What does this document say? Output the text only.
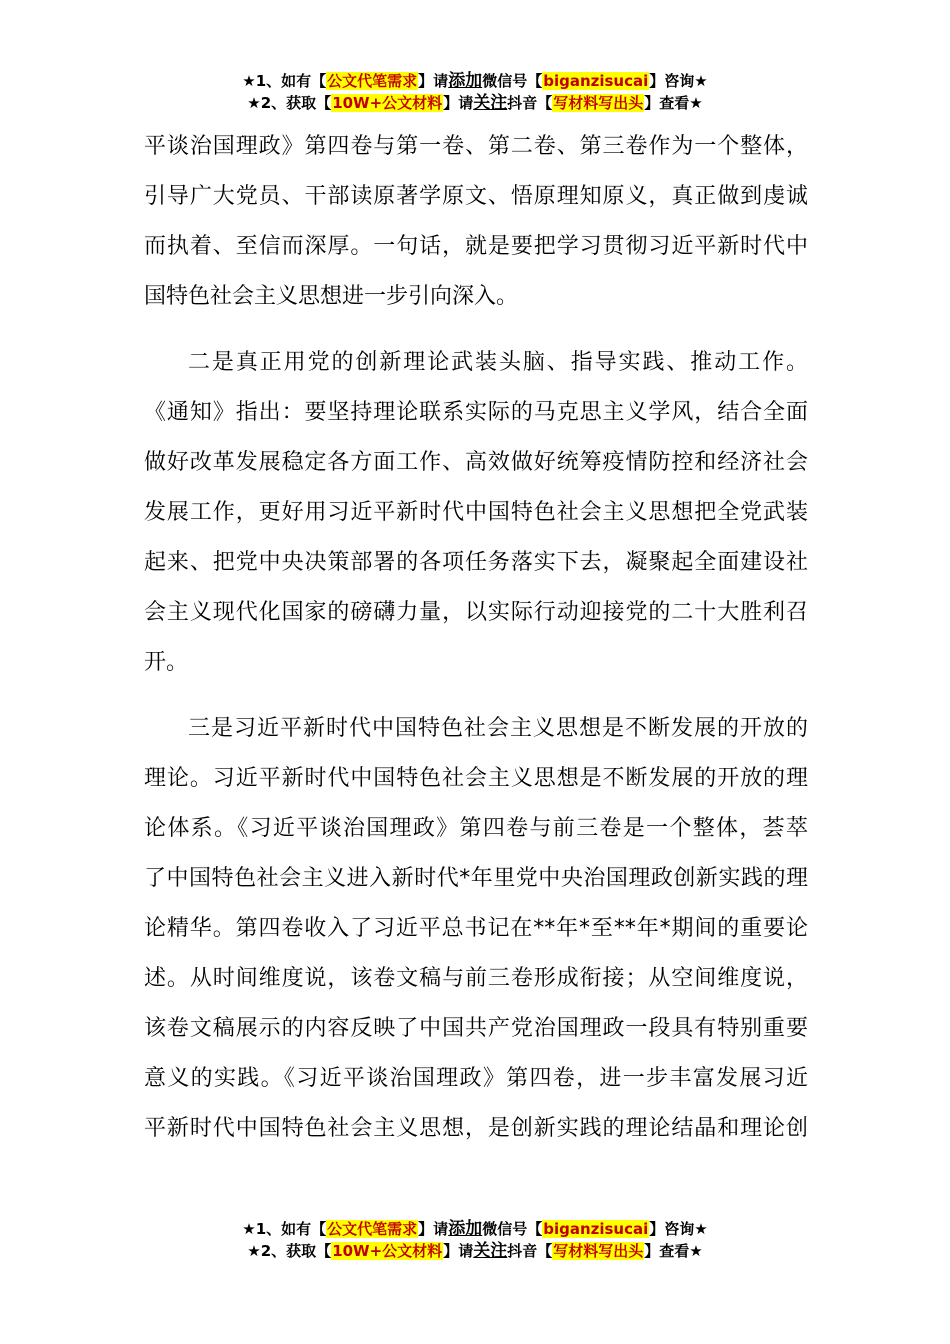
★1、如有【公文代笔需求】请添加微信号【biganzisucai】咨询★
★2、获取【10W+公文材料】请关注抖音【写材料写出头】查看★
平谈治国理政》第四卷与第一卷、第二卷、第三卷作为一个整体，
引导广大党员、干部读原著学原文、悟原理知原义，真正做到虔诚
而执着、至信而深厚。一句话，就是要把学习贯彻习近平新时代中
国特色社会主义思想进一步引向深入。
二是真正用党的创新理论武装头脑、指导实践、推动工作。
《通知》指出：要坚持理论联系实际的马克思主义学风，结合全面
做好改革发展稳定各方面工作、高效做好统筹疫情防控和经济社会
发展工作，更好用习近平新时代中国特色社会主义思想把全党武装
起来、把党中央决策部署的各项任务落实下去，凝聚起全面建设社
会主义现代化国家的磅礴力量，以实际行动迎接党的二十大胜利召
开。
三是习近平新时代中国特色社会主义思想是不断发展的开放的
理论。习近平新时代中国特色社会主义思想是不断发展的开放的理
论体系。《习近平谈治国理政》第四卷与前三卷是一个整体，荟萃
了中国特色社会主义进入新时代*年里党中央治国理政创新实践的理
论精华。第四卷收入了习近平总书记在**年*至**年*期间的重要论
述。从时间维度说，该卷文稿与前三卷形成衔接；从空间维度说，
该卷文稿展示的内容反映了中国共产党治国理政一段具有特别重要
意义的实践。《习近平谈治国理政》第四卷，进一步丰富发展习近
平新时代中国特色社会主义思想，是创新实践的理论结晶和理论创
★1、如有【公文代笔需求】请添加微信号【biganzisucai】咨询★
★2、获取【10W+公文材料】请关注抖音【写材料写出头】查看★
